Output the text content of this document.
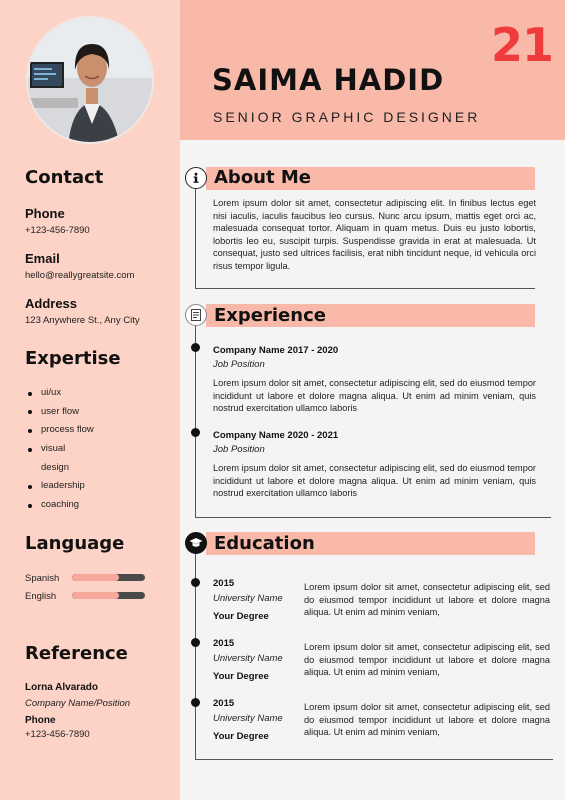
21
SAIMA HADID
SENIOR GRAPHIC DESIGNER
Contact
Phone
+123-456-7890
Email
hello@reallygreatsite.com
Address
123 Anywhere St., Any City
Expertise
ui/ux
user flow
process flow
visual
design
leadership
coaching
Language
Spanish
English
Reference
Lorna Alvarado
Company Name/Position
Phone
+123-456-7890
About Me
Lorem ipsum dolor sit amet, consectetur adipiscing elit. In finibus lectus eget nisi iaculis, iaculis faucibus leo cursus. Nunc arcu ipsum, mattis eget orci ac, malesuada consequat tortor. Aliquam in quam metus. Duis eu justo lobortis, lobortis leo eu, suscipit turpis. Suspendisse gravida in erat at malesuada. Ut consequat, justo sed ultrices facilisis, erat nibh tincidunt neque, id vehicula orci risus tempor ligula.
Experience
Company Name 2017 - 2020
Job Position
Lorem ipsum dolor sit amet, consectetur adipiscing elit, sed do eiusmod tempor incididunt ut labore et dolore magna aliqua. Ut enim ad minim veniam, quis nostrud exercitation ullamco laboris
Company Name 2020 - 2021
Job Position
Lorem ipsum dolor sit amet, consectetur adipiscing elit, sed do eiusmod tempor incididunt ut labore et dolore magna aliqua. Ut enim ad minim veniam, quis nostrud exercitation ullamco laboris
Education
2015
University Name
Your Degree
Lorem ipsum dolor sit amet, consectetur adipiscing elit, sed do eiusmod tempor incididunt ut labore et dolore magna aliqua. Ut enim ad minim veniam,
2015
University Name
Your Degree
Lorem ipsum dolor sit amet, consectetur adipiscing elit, sed do eiusmod tempor incididunt ut labore et dolore magna aliqua. Ut enim ad minim veniam,
2015
University Name
Your Degree
Lorem ipsum dolor sit amet, consectetur adipiscing elit, sed do eiusmod tempor incididunt ut labore et dolore magna aliqua. Ut enim ad minim veniam,
